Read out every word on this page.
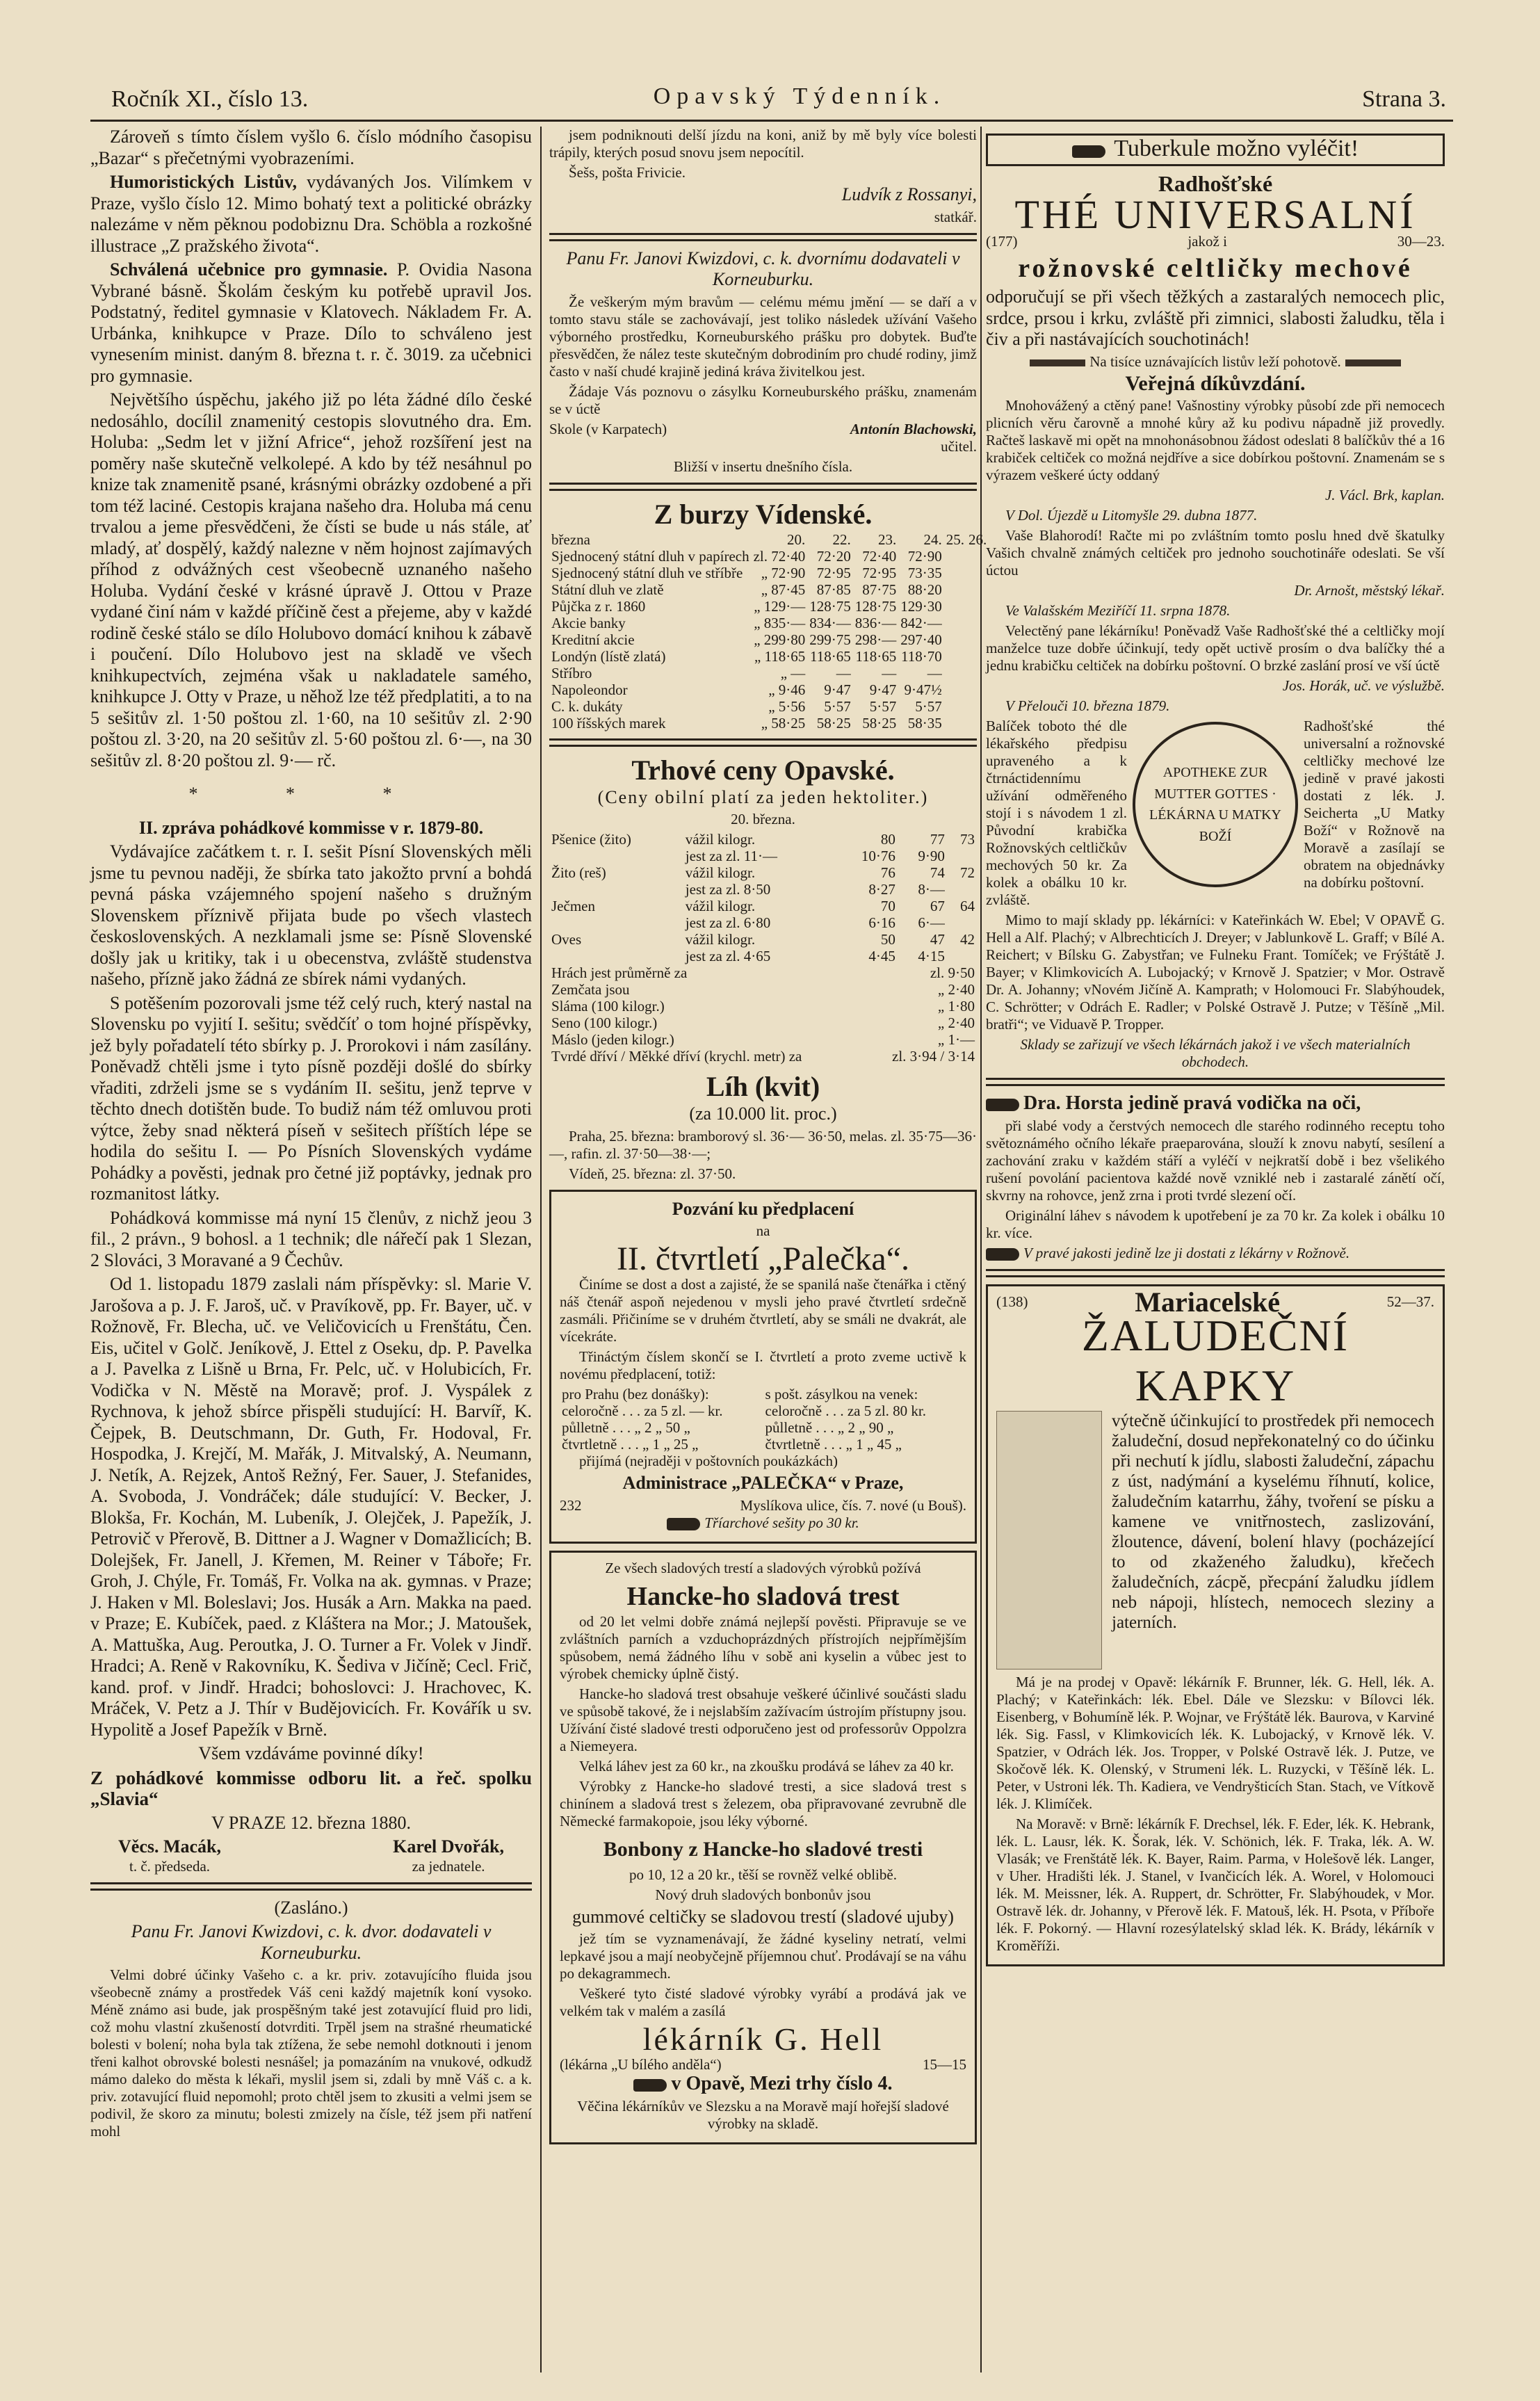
Ročník XI., číslo 13.	Opavský Týdenník.	Strana 3.

Zároveň s tímto číslem vyšlo 6. číslo módního časopisu „Bazar“ s přečetnými vyobrazeními.

Humoristických Listův, vydávaných Jos. Vilímkem v Praze, vyšlo číslo 12. Mimo bohatý text a politické obrázky nalezáme v něm pěknou podobiznu Dra. Schöbla a rozkošné illustrace „Z pražského života“.

Schválená učebnice pro gymnasie. P. Ovidia Nasona Vybrané básně. Školám českým ku potřebě upravil Jos. Podstatný, ředitel gymnasie v Klatovech. Nákladem Fr. A. Urbánka, knihkupce v Praze. Dílo to schváleno jest vynesením minist. daným 8. března t. r. č. 3019. za učebnici pro gymnasie.

Největšího úspěchu, jakého již po léta žádné dílo české nedosáhlo, docílil znamenitý cestopis slovutného dra. Em. Holuba: „Sedm let v jižní Africe“, jehož rozšíření jest na poměry naše skutečně velkolepé. A kdo by též nesáhnul po knize tak znamenitě psané, krásnými obrázky ozdobené a při tom též laciné. Cestopis krajana našeho dra. Holuba má cenu trvalou a jeme přesvědčeni, že čísti se bude u nás stále, ať mladý, ať dospělý, každý nalezne v něm hojnost zajímavých příhod z odvážných cest všeobecně uznaného našeho Holuba. Vydání české v krásné úpravě J. Ottou v Praze vydané činí nám v každé příčině čest a přejeme, aby v každé rodině české stálo se dílo Holubovo domácí knihou k zábavě i poučení. Dílo Holubovo jest na skladě ve všech knihkupectvích, zejména však u nakladatele samého, knihkupce J. Otty v Praze, u něhož lze též předplatiti, a to na 5 sešitův zl. 1·50 poštou zl. 1·60, na 10 sešitův zl. 2·90 poštou zl. 3·20, na 20 sešitův zl. 5·60 poštou zl. 6·—, na 30 sešitův zl. 8·20 poštou zl. 9·— rč.

* * *

II. zpráva pohádkové kommisse v r. 1879-80.

Vydávajíce začátkem t. r. I. sešit Písní Slovenských měli jsme tu pevnou naději, že sbírka tato jakožto první a bohdá pevná páska vzájemného spojení našeho s družným Slovenskem příznivě přijata bude po všech vlastech československých. A nezklamali jsme se: Písně Slovenské došly jak u kritiky, tak i u obecenstva, zvláště studenstva našeho, přízně jako žádná ze sbírek námi vydaných.

S potěšením pozorovali jsme též celý ruch, který nastal na Slovensku po vyjití I. sešitu; svědčíť o tom hojné příspěvky, jež byly pořadatelí této sbírky p. J. Prorokovi i nám zasílány. Poněvadž chtěli jsme i tyto písně později došlé do sbírky vřaditi, zdrželi jsme se s vydáním II. sešitu, jenž teprve v těchto dnech dotištěn bude. To budiž nám též omluvou proti výtce, žeby snad některá píseň v sešitech příštích lépe se hodila do sešitu I. — Po Písních Slovenských vydáme Pohádky a pověsti, jednak pro četné již poptávky, jednak pro rozmanitost látky.

Pohádková kommisse má nyní 15 členův, z nichž jeou 3 fil., 2 právn., 9 bohosl. a 1 technik; dle nářečí pak 1 Slezan, 2 Slováci, 3 Moravané a 9 Čechův.

Od 1. listopadu 1879 zaslali nám příspěvky: sl. Marie V. Jarošova a p. J. F. Jaroš, uč. v Pravíkově, pp. Fr. Bayer, uč. v Rožnově, Fr. Blecha, uč. ve Veličovicích u Frenštátu, Čen. Eis, učitel v Golč. Jeníkově, J. Ettel z Oseku, dp. P. Pavelka a J. Pavelka z Lišně u Brna, Fr. Pelc, uč. v Holubicích, Fr. Vodička v N. Městě na Moravě; prof. J. Vyspálek z Rychnova, k jehož sbírce přispěli studující: H. Barvíř, K. Čejpek, B. Deutschmann, Dr. Guth, Fr. Hodoval, Fr. Hospodka, J. Krejčí, M. Mařák, J. Mitvalský, A. Neumann, J. Netík, A. Rejzek, Antoš Režný, Fer. Sauer, J. Stefanides, A. Svoboda, J. Vondráček; dále studující: V. Becker, J. Blokša, Fr. Kochán, M. Lubeník, J. Olejček, J. Papežík, J. Petrovič v Přerově, B. Dittner a J. Wagner v Domažlicích; B. Dolejšek, Fr. Janell, J. Křemen, M. Reiner v Táboře; Fr. Groh, J. Chýle, Fr. Tomáš, Fr. Volka na ak. gymnas. v Praze; J. Haken v Ml. Boleslavi; Jos. Husák a Arn. Makka na paed. v Praze; E. Kubíček, paed. z Kláštera na Mor.; J. Matoušek, A. Mattuška, Aug. Peroutka, J. O. Turner a Fr. Volek v Jindř. Hradci; A. Reně v Rakovníku, K. Šediva v Jičíně; Cecl. Frič, kand. prof. v Jindř. Hradci; bohoslovci: J. Hrachovec, K. Mráček, V. Petz a J. Thír v Budějovicích. Fr. Kovářík u sv. Hypolitě a Josef Papežík v Brně.

Všem vzdáváme povinné díky!

Z pohádkové kommisse odboru lit. a řeč. spolku „Slavia“

V PRAZE 12. března 1880.

Věcs. Macák,
t. č. předseda.
Karel Dvořák,
za jednatele.

(Zasláno.)

Panu Fr. Janovi Kwizdovi, c. k. dvor. dodavateli v Korneuburku.

Velmi dobré účinky Vašeho c. a kr. priv. zotavujícího fluida jsou všeobecně známy a prostředek Váš ceni každý majetník koní vysoko. Méně známo asi bude, jak prospěšným také jest zotavující fluid pro lidi, což mohu vlastní zkušeností dotvrditi. Trpěl jsem na strašné rheumatické bolesti v bolení; noha byla tak ztížena, že sebe nemohl dotknouti i jenom třeni kalhot obrovské bolesti nesnášel; ja pomazáním na vnukové, odkudž mámo daleko do města k lékaři, myslil jsem si, zdali by mně Váš c. a k. priv. zotavující fluid nepomohl; proto chtěl jsem to zkusiti a velmi jsem se podivil, že skoro za minutu; bolesti zmizely na čísle, též jsem při natření mohl

jsem podniknouti delší jízdu na koni, aniž by mě byly více bolesti trápily, kterých posud snovu jsem nepocítil.

Šešs, pošta Frivicie.

Ludvík z Rossanyi,

statkář.

Panu Fr. Janovi Kwizdovi, c. k. dvornímu dodavateli v Korneuburku.

Že veškerým mým bravům — celému mému jmění — se daří a v tomto stavu stále se zachovávají, jest toliko následek užívání Vašeho výborného prostředku, Korneuburského prášku pro dobytek. Buďte přesvědčen, že nález teste skutečným dobrodiním pro chudé rodiny, jimž často v naší chudé krajině jediná kráva živitelkou jest.

Žádaje Vás poznovu o zásylku Korneuburského prášku, znamenám se v úctě

Skole (v Karpatech)	Antonín Blachowski,

učitel.

Bližší v insertu dnešního čísla.

Z burzy Vídenské.
března	20.	22.	23.	24.	25.	26.
Sjednocený státní dluh v papírech	zl. 72·40	72·20	72·40	72·90		
Sjednocený státní dluh ve stříbře	„ 72·90	72·95	72·95	73·35		
Státní dluh ve zlatě	„ 87·45	87·85	87·75	88·20		
Půjčka z r. 1860	„ 129·—	128·75	128·75	129·30		
Akcie banky	„ 835·—	834·—	836·—	842·—		
Kreditní akcie	„ 299·80	299·75	298·—	297·40		
Londýn (lístě zlatá)	„ 118·65	118·65	118·65	118·70		
Stříbro	„ —	—	—	—		
Napoleondor	„ 9·46	9·47	9·47	9·47½		
C. k. dukáty	„ 5·56	5·57	5·57	5·57		
100 říšských marek	„ 58·25	58·25	58·25	58·35		
Trhové ceny Opavské.

(Ceny obilní platí za jeden hektoliter.)

20. března.

Pšenice (žito)	vážil kilogr.	80	77	73
	jest za zl. 11·—	10·76	9·90	
Žito (reš)	vážil kilogr.	76	74	72
	jest za zl. 8·50	8·27	8·—	
Ječmen	vážil kilogr.	70	67	64
	jest za zl. 6·80	6·16	6·—	
Oves	vážil kilogr.	50	47	42
	jest za zl. 4·65	4·45	4·15	
Hrách jest průměrně za	zl. 9·50
Zemčata jsou	„ 2·40
Sláma (100 kilogr.)	„ 1·80
Seno (100 kilogr.)	„ 2·40
Máslo (jeden kilogr.)	„ 1·—
Tvrdé dříví / Měkké dříví (krychl. metr) za	zl. 3·94 / 3·14
Líh (kvit)

(za 10.000 lit. proc.)

Praha, 25. března: bramborový sl. 36·— 36·50, melas. zl. 35·75—36·—, rafin. zl. 37·50—38·—;

Vídeň, 25. března: zl. 37·50.

Pozvání ku předplacení

na

II. čtvrtletí „Palečka“.

Činíme se dost a dost a zajisté, že se spanilá naše čtenářka i ctěný náš čtenář aspoň nejedenou v mysli jeho pravé čtvrtletí srdečně zasmáli. Přičiníme se v druhém čtvrtletí, aby se smáli ne dvakrát, ale vícekráte.

Třináctým číslem skončí se I. čtvrtletí a proto zveme uctivě k novému předplacení, totiž:

pro Prahu (bez donášky):	s pošt. zásylkou na venek:
celoročně . . . za 5 zl. — kr.	celoročně . . . za 5 zl. 80 kr.
půlletně . . . „ 2 „ 50 „	půlletně . . . „ 2 „ 90 „
čtvrtletně . . . „ 1 „ 25 „	čtvrtletně . . . „ 1 „ 45 „

přijímá (nejraději v poštovních poukázkách)

Administrace „PALEČKA“ v Praze,

232	Myslíkova ulice, čís. 7. nové (u Bouš).

Tříarchové sešity po 30 kr.

Ze všech sladových trestí a sladových výrobků požívá

Hancke-ho sladová trest

od 20 let velmi dobře známá nejlepší pověsti. Připravuje se ve zvláštních parních a vzduchoprázdných přístrojích nejpřímějším spůsobem, nemá žádného líhu v sobě ani kyselin a vůbec jest to výrobek chemicky úplně čistý.

Hancke-ho sladová trest obsahuje veškeré účinlivé součásti sladu ve spůsobě takové, že i nejslabším zažívacím ústrojím přístupny jsou. Užívání čisté sladové tresti odporučeno jest od professorův Oppolzra a Niemeyera.

Velká láhev jest za 60 kr., na zkoušku prodává se láhev za 40 kr.

Výrobky z Hancke-ho sladové tresti, a sice sladová trest s chinínem a sladová trest s železem, oba připravované zevrubně dle Německé farmakopoie, jsou léky výborné.

Bonbony z Hancke-ho sladové tresti

po 10, 12 a 20 kr., těší se rovněž velké oblibě.

Nový druh sladových bonbonův jsou

gummové celtičky se sladovou trestí (sladové ujuby)

jež tím se vyznamenávají, že žádné kyseliny netratí, velmi lepkavé jsou a mají neobyčejně příjemnou chuť. Prodávají se na váhu po dekagrammech.

Veškeré tyto čisté sladové výrobky vyrábí a prodává jak ve velkém tak v malém a zasílá

lékárník G. Hell
(lékárna „U bílého anděla“)	15—15

v Opavě, Mezi trhy číslo 4.

Věčina lékárníkův ve Slezsku a na Moravě mají hořejší sladové výrobky na skladě.

Tuberkule možno vyléčit!

Radhošťské

THÉ UNIVERSALNÍ
(177)	jakož i	30—23.
rožnovské celtličky mechové

odporučují se při všech těžkých a zastaralých nemocech plic, srdce, prsou i krku, zvláště při zimnici, slabosti žaludku, těla i čiv a při nastávajících souchotinách!

Na tisíce uznávajících listův leží pohotově.

Veřejná díkůvzdání.

Mnohovážený a ctěný pane! Vašnostiny výrobky působí zde při nemocech plicních věru čarovně a mnohé kůry až ku podivu nápadně již provedly. Račteš laskavě mi opět na mnohonásobnou žádost odeslati 8 balíčkův thé a 16 krabiček celtiček co možná nejdříve a sice dobírkou poštovní. Znamenám se s výrazem veškeré úcty oddaný

J. Václ. Brk, kaplan.

V Dol. Újezdě u Litomyšle 29. dubna 1877.

Vaše Blahorodí! Račte mi po zvláštním tomto poslu hned dvě škatulky Vašich chvalně známých celtiček pro jednoho souchotináře odeslati. Se vší úctou

Dr. Arnošt, městský lékař.

Ve Valašském Meziříčí 11. srpna 1878.

Velectěný pane lékárníku! Poněvadž Vaše Radhošťské thé a celtličky mojí manželce tuze dobře účinkují, tedy opět uctivě prosím o dva balíčky thé a jednu krabičku celtiček na dobírku poštovní. O brzké zaslání prosí ve vší úctě

Jos. Horák, uč. ve výslužbě.

V Přelouči 10. března 1879.

Balíček toboto thé dle lékařského předpisu upraveného a k čtrnáctidennímu užívání odměřeného stojí i s návodem 1 zl. Původní krabička Rožnovských celtličkův mechových 50 kr. Za kolek a obálku 10 kr. zvláště.

APOTHEKE ZUR MUTTER GOTTES · LÉKÁRNA U MATKY BOŽÍ

Radhošťské thé universalní a rožnovské celtličky mechové lze jedině v pravé jakosti dostati z lék. J. Seicherta „U Matky Boží“ v Rožnově na Moravě a zasílají se obratem na objednávky na dobírku poštovní.

Mimo to mají sklady pp. lékárníci: v Kateřinkách W. Ebel; V OPAVĚ G. Hell a Alf. Plachý; v Albrechticích J. Dreyer; v Jablunkově L. Graff; v Bílé A. Reichert; v Bílsku G. Zabystřan; ve Fulneku Frant. Tomíček; ve Frýštátě J. Bayer; v Klimkovicích A. Lubojacký; v Krnově J. Spatzier; v Mor. Ostravě Dr. A. Johanny; vNovém Jičíně A. Kamprath; v Holomouci Fr. Slabýhoudek, C. Schrötter; v Odrách E. Radler; v Polské Ostravě J. Putze; v Těšíně „Mil. bratři“; ve Viduavě P. Tropper.

Sklady se zařizují ve všech lékárnách jakož i ve všech materialních obchodech.

Dra. Horsta jedině pravá vodička na oči,

při slabé vody a čerstvých nemocech dle starého rodinného receptu toho světoznámého očního lékaře praeparována, slouží k znovu nabytí, sesílení a zachování zraku v každém stáří a vyléčí v nejkratší době i bez všelikého rušení povolání pacientova každé nově vzniklé neb i zastaralé zánětí očí, skvrny na rohovce, jenž zrna i proti tvrdé slezení očí.

Originální láhev s návodem k upotřebení je za 70 kr. Za kolek i obálku 10 kr. více.

V pravé jakosti jedině lze ji dostati z lékárny v Rožnově.

(138)	Mariacelské	52—37.
ŽALUDEČNÍ KAPKY

výtečně účinkující to prostředek při nemocech žaludeční, dosud nepřekonatelný co do účinku při nechutí k jídlu, slabosti žaludeční, zápachu z úst, nadýmání a kyselému říhnutí, kolice, žaludečním katarrhu, žáhy, tvoření se písku a kamene ve vnitřnostech, zaslizování, žloutence, dávení, bolení hlavy (pocházející to od zkaženého žaludku), křečech žaludečních, zácpě, přecpání žaludku jídlem neb nápoji, hlístech, nemocech sleziny a jaterních.

Má je na prodej v Opavě: lékárník F. Brunner, lék. G. Hell, lék. A. Plachý; v Kateřinkách: lék. Ebel. Dále ve Slezsku: v Bílovci lék. Eisenberg, v Bohumíně lék. P. Wojnar, ve Frýštátě lék. Baurova, v Karviné lék. Sig. Fassl, v Klimkovicích lék. K. Lubojacký, v Krnově lék. V. Spatzier, v Odrách lék. Jos. Tropper, v Polské Ostravě lék. J. Putze, ve Skočově lék. K. Olenský, v Strumeni lék. L. Ruzycki, v Těšíně lék. L. Peter, v Ustroni lék. Th. Kadiera, ve Vendryšticích Stan. Stach, ve Vítkově lék. J. Klimíček.

Na Moravě: v Brně: lékárník F. Drechsel, lék. F. Eder, lék. K. Hebrank, lék. L. Lausr, lék. K. Šorak, lék. V. Schönich, lék. F. Traka, lék. A. W. Vlasák; ve Frenštátě lék. K. Bayer, Raim. Parma, v Holešově lék. Langer, v Uher. Hradišti lék. J. Stanel, v Ivančicích lék. A. Worel, v Holomouci lék. M. Meissner, lék. A. Ruppert, dr. Schrötter, Fr. Slabýhoudek, v Mor. Ostravě lék. dr. Johanny, v Přerově lék. F. Matouš, lék. H. Psota, v Příboře lék. F. Pokorný. — Hlavní rozesýlatelský sklad lék. K. Brády, lékárník v Kroměříži.
